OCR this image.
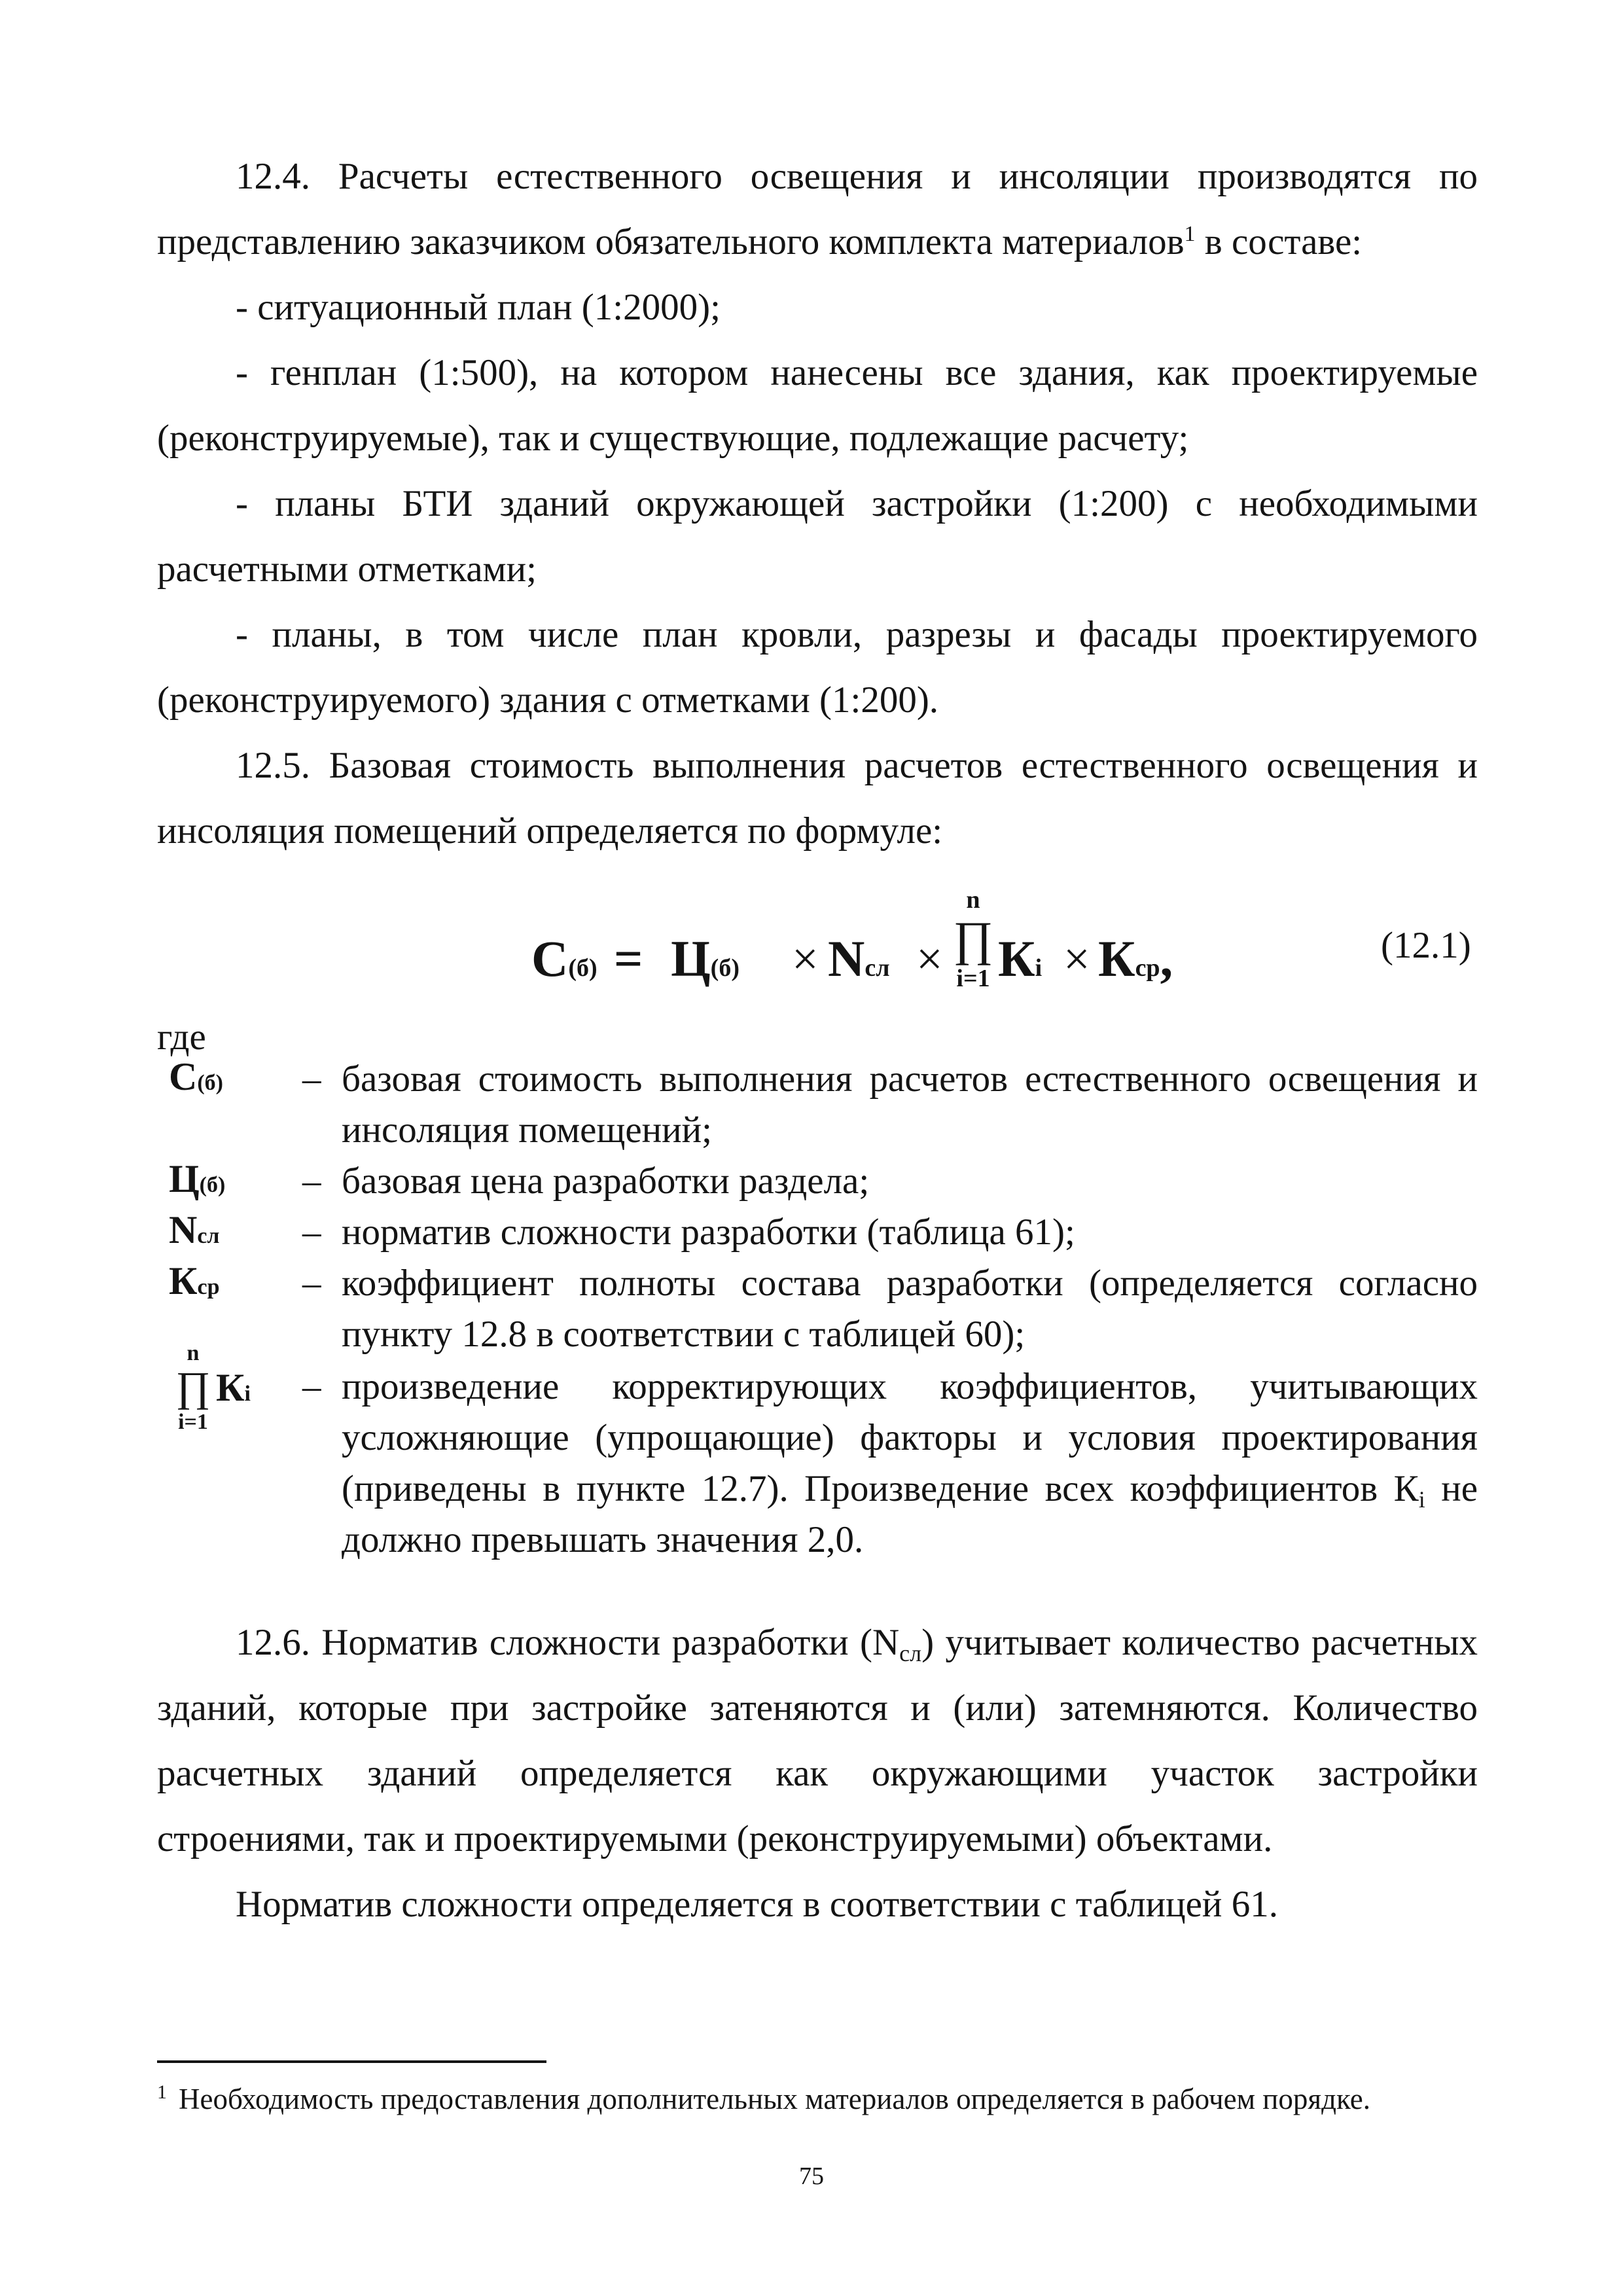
12.4. Расчеты естественного освещения и инсоляции производятся по представлению заказчиком обязательного комплекта материалов$^1$ в составе:

- ситуационный план (1:2000);

- генплан (1:500), на котором нанесены все здания, как проектируемые (реконструируемые), так и существующие, подлежащие расчету;

- планы БТИ зданий окружающей застройки (1:200) с необходимыми расчетными отметками;

- планы, в том числе план кровли, разрезы и фасады проектируемого (реконструируемого) здания с отметками (1:200).

12.5. Базовая стоимость выполнения расчетов естественного освещения и инсоляция помещений определяется по формуле:

С(б) = Ц(б) × Nсл ×
n
∏
i=1 Кi × Кср,	(12.1)
где
С(б) – базовая стоимость выполнения расчетов естественного освещения и инсоляция помещений;
Ц(б) – базовая цена разработки раздела;
Nсл – норматив сложности разработки (таблица 61);
Кср – коэффициент полноты состава разработки (определяется согласно пункту 12.8 в соответствии с таблицей 60);
n
∏ Кi
i=1
– произведение корректирующих коэффициентов, учитывающих усложняющие (упрощающие) факторы и условия проектирования (приведены в пункте 12.7). Произведение всех коэффициентов $К_i$ не должно превышать значения 2,0.

12.6. Норматив сложности разработки $(N_{сл})$ учитывает количество расчетных зданий, которые при застройке затеняются и (или) затемняются. Количество расчетных зданий определяется как окружающими участок застройки строениями, так и проектируемыми (реконструируемыми) объектами.

Норматив сложности определяется в соответствии с таблицей 61.

$^1$ Необходимость предоставления дополнительных материалов определяется в рабочем порядке.
75
